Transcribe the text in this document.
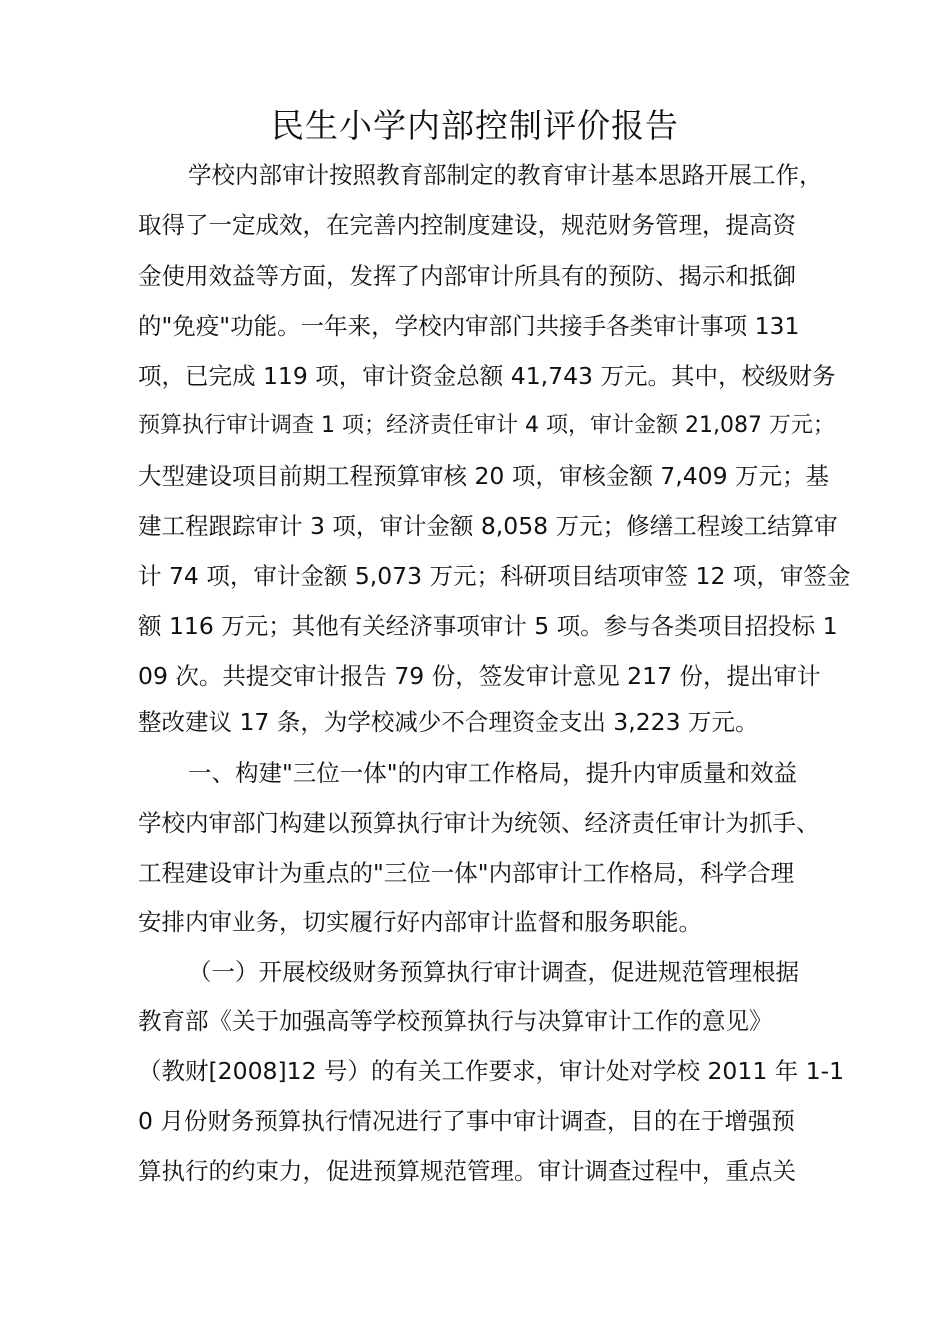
民生小学内部控制评价报告
学校内部审计按照教育部制定的教育审计基本思路开展工作，
取得了一定成效，在完善内控制度建设，规范财务管理，提高资
金使用效益等方面，发挥了内部审计所具有的预防、揭示和抵御
的"免疫"功能。一年来，学校内审部门共接手各类审计事项 131
项，已完成 119 项，审计资金总额 41,743 万元。其中，校级财务
预算执行审计调查 1 项；经济责任审计 4 项，审计金额 21,087 万元；
大型建设项目前期工程预算审核 20 项，审核金额 7,409 万元；基
建工程跟踪审计 3 项，审计金额 8,058 万元；修缮工程竣工结算审
计 74 项，审计金额 5,073 万元；科研项目结项审签 12 项，审签金
额 116 万元；其他有关经济事项审计 5 项。参与各类项目招投标 1
09 次。共提交审计报告 79 份，签发审计意见 217 份，提出审计
整改建议 17 条，为学校减少不合理资金支出 3,223 万元。
一、构建"三位一体"的内审工作格局，提升内审质量和效益
学校内审部门构建以预算执行审计为统领、经济责任审计为抓手、
工程建设审计为重点的"三位一体"内部审计工作格局，科学合理
安排内审业务，切实履行好内部审计监督和服务职能。
（一）开展校级财务预算执行审计调查，促进规范管理根据
教育部《关于加强高等学校预算执行与决算审计工作的意见》
（教财[2008]12 号）的有关工作要求，审计处对学校 2011 年 1-1
0 月份财务预算执行情况进行了事中审计调查，目的在于增强预
算执行的约束力，促进预算规范管理。审计调查过程中，重点关
